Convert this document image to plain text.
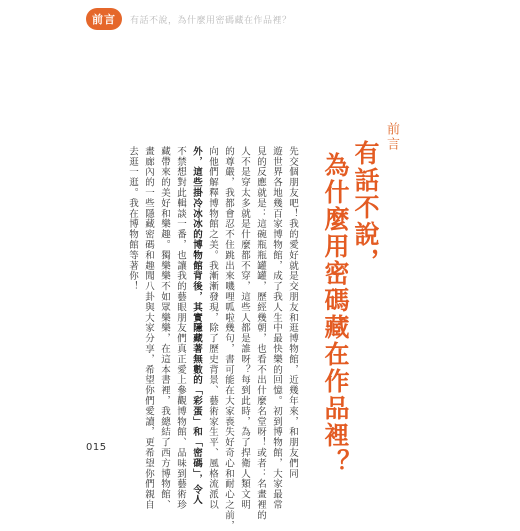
前言	有話不說，為什麼用密碼藏在作品裡？
前言
有話不說，
為什麼用密碼藏在作品裡？
先交個朋友吧！我的愛好就是交朋友和逛博物館，近幾年來，和朋友們同
遊世界各地幾百家博物館，成了我人生中最快樂的回憶。初到博物館，大家最常
見的反應就是：這碗瓶瓶罐罐，歷經幾朝，也看不出什麼名堂呀！或者：名畫裡的
人不是穿太多就是什麼都不穿，這些人都是誰呀？每到此時，為了捍衛人類文明
的尊嚴，我都會忍不住跳出來嘰哩呱啦幾句，書可能在大家喪失好奇心和耐心之前，
向他們解釋博物館之美。我漸漸發現，除了歷史背景、藝術家生平、風格流派以
外，這些掛冷冰冰的博物館背後，其實隱藏著無數的「彩蛋」和「密碼」，令人
不禁想對此輯談一番，也讓我的藝眼朋友們真正愛上參觀博物館、品味到藝術珍
藏帶來的美好和樂趣。獨樂樂不如眾樂樂，在這本書裡，我總結了西方博物館、
畫廊內的一些隱藏密碼和趣聞八卦與大家分享，希望你們愛讀，更希望你們親自
去逛一逛。我在博物館等著你！
015
